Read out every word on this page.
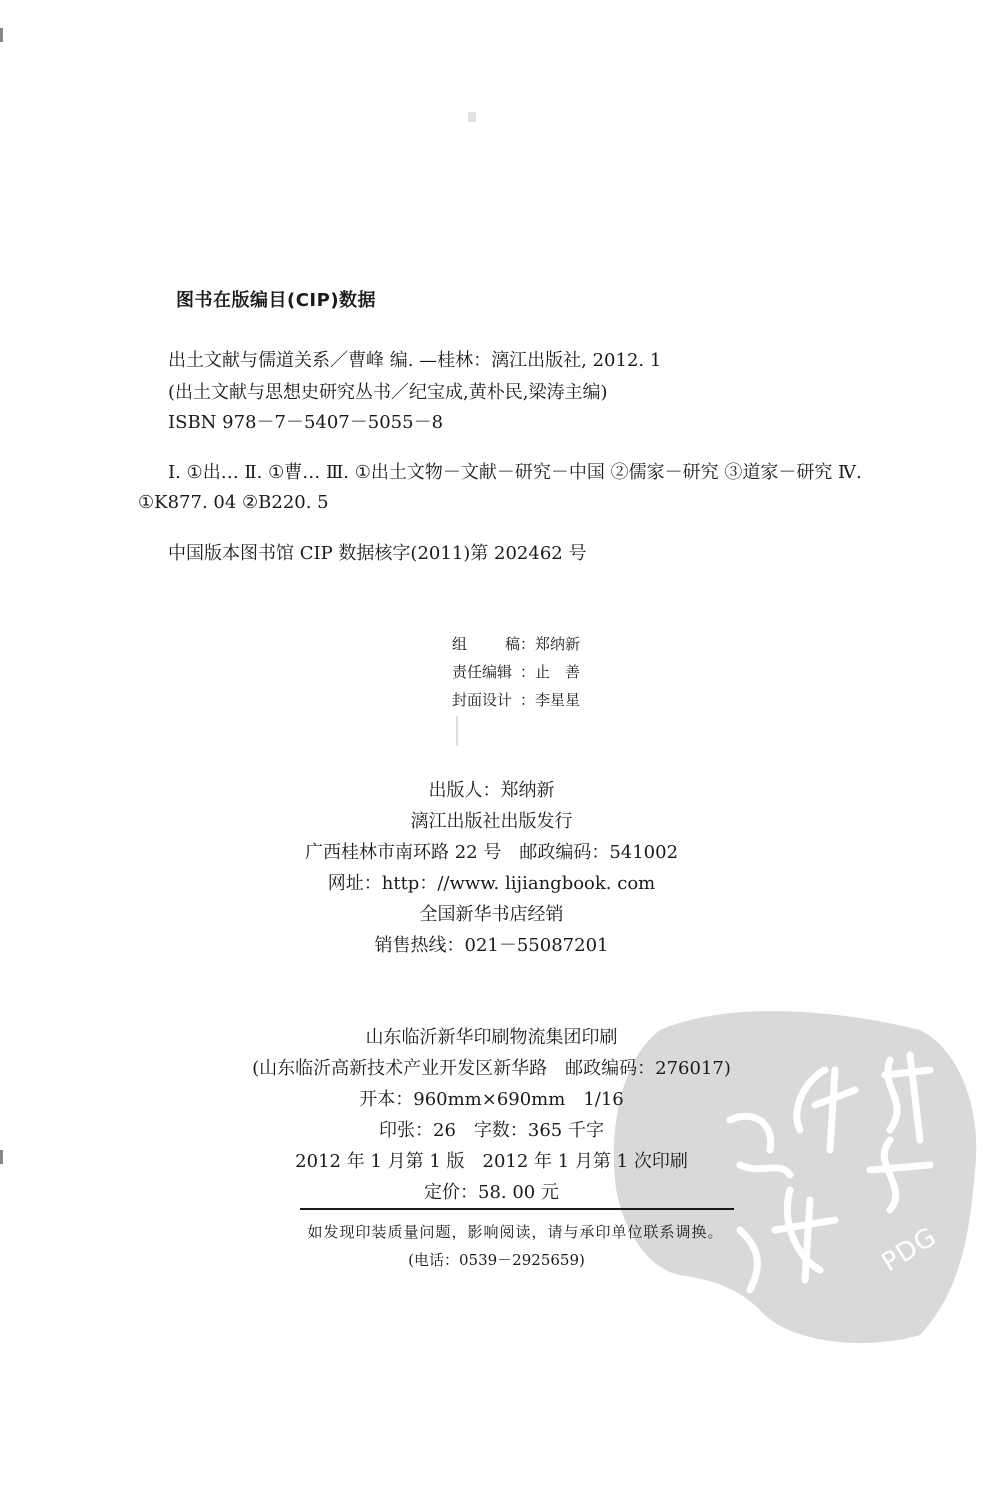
PDG
图书在版编目(CIP)数据
出土文献与儒道关系／曹峰 编. —桂林：漓江出版社, 2012. 1
(出土文献与思想史研究丛书／纪宝成,黄朴民,梁涛主编)
ISBN 978－7－5407－5055－8
Ⅰ. ①出… Ⅱ. ①曹… Ⅲ. ①出土文物－文献－研究－中国 ②儒家－研究 ③道家－研究 Ⅳ. ①K877. 04 ②B220. 5
中国版本图书馆 CIP 数据核字(2011)第 202462 号
组	稿 ： 郑纳新
责任编辑 ： 止　善
封面设计 ： 李星星
出版人：郑纳新
漓江出版社出版发行
广西桂林市南环路 22 号　邮政编码：541002
网址：http：//www. lijiangbook. com
全国新华书店经销
销售热线：021－55087201
山东临沂新华印刷物流集团印刷
(山东临沂高新技术产业开发区新华路　邮政编码：276017)
开本：960mm×690mm　1/16
印张：26　字数：365 千字
2012 年 1 月第 1 版　2012 年 1 月第 1 次印刷
定价：58. 00 元
如发现印装质量问题，影响阅读，请与承印单位联系调换。
(电话：0539－2925659)
